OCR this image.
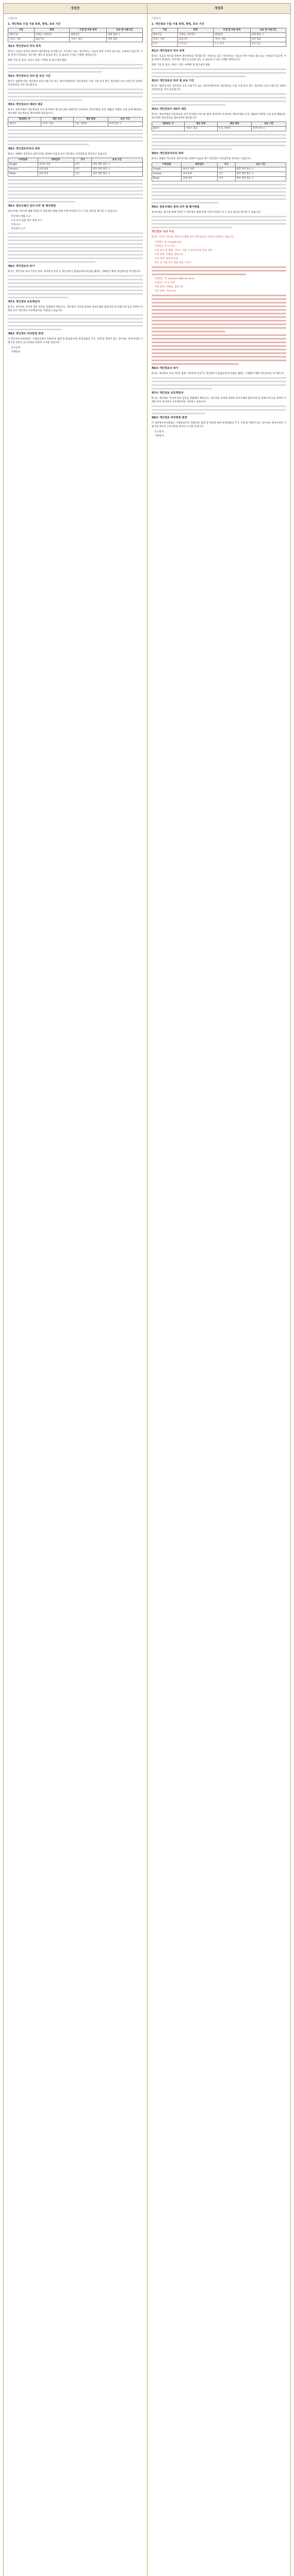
개정전	개정후
시행일자:
1. 개인정보 수집 이용 목적, 항목, 보유 기간
구분	항목	수집 및 이용 목적	보유 및 이용기간
회원가입	이메일, 비밀번호	회원관리	회원 탈퇴 시
서비스 이용	접속기록	서비스 제공	관련 법령
제1조 개인정보의 처리 목적
회사는 다음의 목적을 위하여 개인정보를 처리합니다. 처리하고 있는 개인정보는 다음의 목적 이외의 용도로는 이용되지 않으며, 이용 목적이 변경되는 경우에는 별도의 동의를 받는 등 필요한 조치를 이행할 예정입니다.
회원 가입 및 관리, 서비스 제공, 마케팅 및 광고에의 활용
제2조 개인정보의 처리 및 보유 기간
회사는 법령에 따른 개인정보 보유·이용기간 또는 정보주체로부터 개인정보를 수집 시에 동의 받은 개인정보 보유·이용기간 내에서 개인정보를 처리·보유합니다.
제3조 개인정보의 제3자 제공
회사는 정보주체의 개인정보를 처리 목적에서 명시한 범위 내에서만 처리하며, 정보주체의 동의, 법률의 특별한 규정 등에 해당하는 경우에만 개인정보를 제3자에게 제공합니다.
제공받는 자	제공 목적	제공 항목	보유 기간
협력사	서비스 제공	이름, 연락처	목적 달성 시
제4조 개인정보처리의 위탁
회사는 원활한 개인정보 업무처리를 위하여 다음과 같이 개인정보 처리업무를 위탁하고 있습니다.
수탁업체	위탁업무	국가	보유 기간
Google	데이터 보관	미국	위탁 계약 종료 시
Amazon	서버 운영	미국	위탁 계약 종료 시
Stripe	결제 처리	미국	위탁 계약 종료 시
제5조 정보주체의 권리·의무 및 행사방법
정보주체는 회사에 대해 언제든지 개인정보 열람·정정·삭제·처리정지 요구 등의 권리를 행사할 수 있습니다.
개인정보 열람 요구
오류 등이 있을 경우 정정 요구
삭제 요구
처리정지 요구
제6조 개인정보의 파기
회사는 개인정보 보유기간의 경과, 처리목적 달성 등 개인정보가 불필요하게 되었을 때에는 지체없이 해당 개인정보를 파기합니다.
제7조 개인정보 보호책임자
회사는 개인정보 처리에 관한 업무를 총괄해서 책임지고, 개인정보 처리와 관련한 정보주체의 불만처리 및 피해구제 등을 위하여 아래와 같이 개인정보 보호책임자를 지정하고 있습니다.
제8조 개인정보 처리방침 변경
이 개인정보처리방침은 시행일로부터 적용되며, 법령 및 방침에 따른 변경내용의 추가, 삭제 및 정정이 있는 경우에는 변경사항의 시행 7일 전부터 공지사항을 통하여 고지할 것입니다.
공고일자:
시행일자:
시행일자:
1. 개인정보 수집 이용 목적, 항목, 보유 기간
구분	항목	수집 및 이용 목적	보유 및 이용기간
회원가입	이메일, 비밀번호	회원관리	회원 탈퇴 시
서비스 이용	접속기록	서비스 제공	관련 법령
결제	결제정보	요금 결제	관련 법령
제1조 개인정보의 처리 목적
회사는 다음의 목적을 위하여 개인정보를 처리합니다. 처리하고 있는 개인정보는 다음의 목적 이외의 용도로는 이용되지 않으며, 이용 목적이 변경되는 경우에는 별도의 동의를 받는 등 필요한 조치를 이행할 예정입니다.
회원 가입 및 관리, 서비스 제공, 마케팅 및 광고에의 활용
제2조 개인정보의 처리 및 보유 기간
회사는 법령에 따른 개인정보 보유·이용기간 또는 정보주체로부터 개인정보를 수집 시에 동의 받은 개인정보 보유·이용기간 내에서 개인정보를 처리·보유합니다.
제3조 개인정보의 제3자 제공
회사는 정보주체의 개인정보를 처리 목적에서 명시한 범위 내에서만 처리하며, 정보주체의 동의, 법률의 특별한 규정 등에 해당하는 경우에만 개인정보를 제3자에게 제공합니다.
제공받는 자	제공 목적	제공 항목	보유 기간
협력사	서비스 제공	이름, 연락처	목적 달성 시
제4조 개인정보처리의 위탁
회사는 원활한 개인정보 업무처리를 위하여 다음과 같이 개인정보 처리업무를 위탁하고 있습니다.
수탁업체	위탁업무	국가	보유 기간
Google	데이터 보관	미국	위탁 계약 종료 시
Amazon	서버 운영	미국	위탁 계약 종료 시
Stripe	결제 처리	미국	위탁 계약 종료 시
제5조 정보주체의 권리·의무 및 행사방법
정보주체는 회사에 대해 언제든지 개인정보 열람·정정·삭제·처리정지 요구 등의 권리를 행사할 수 있습니다.
개인정보 국외 이전
회사는 서비스 제공을 위하여 아래와 같이 개인정보를 국외로 이전하고 있습니다.
이전받는 자: Google LLC
이전되는 국가: 미국
이전 일시 및 방법: 서비스 이용 시 네트워크를 통한 전송
이전 항목: 이메일, 접속기록
이전 목적: 데이터 보관
보유 및 이용기간: 회원 탈퇴 시까지
이전받는 자: Amazon Web Services
이전되는 국가: 미국
이전 항목: 이메일, 접속기록
이전 목적: 서버 운영
제6조 개인정보의 파기
회사는 개인정보 보유기간의 경과, 처리목적 달성 등 개인정보가 불필요하게 되었을 때에는 지체없이 해당 개인정보를 파기합니다.
제7조 개인정보 보호책임자
회사는 개인정보 처리에 관한 업무를 총괄해서 책임지고, 개인정보 처리와 관련한 정보주체의 불만처리 및 피해구제 등을 위하여 아래와 같이 개인정보 보호책임자를 지정하고 있습니다.
제8조 개인정보 처리방침 변경
이 개인정보처리방침은 시행일로부터 적용되며, 법령 및 방침에 따른 변경내용의 추가, 삭제 및 정정이 있는 경우에는 변경사항의 시행 7일 전부터 공지사항을 통하여 고지할 것입니다.
공고일자:
시행일자:
